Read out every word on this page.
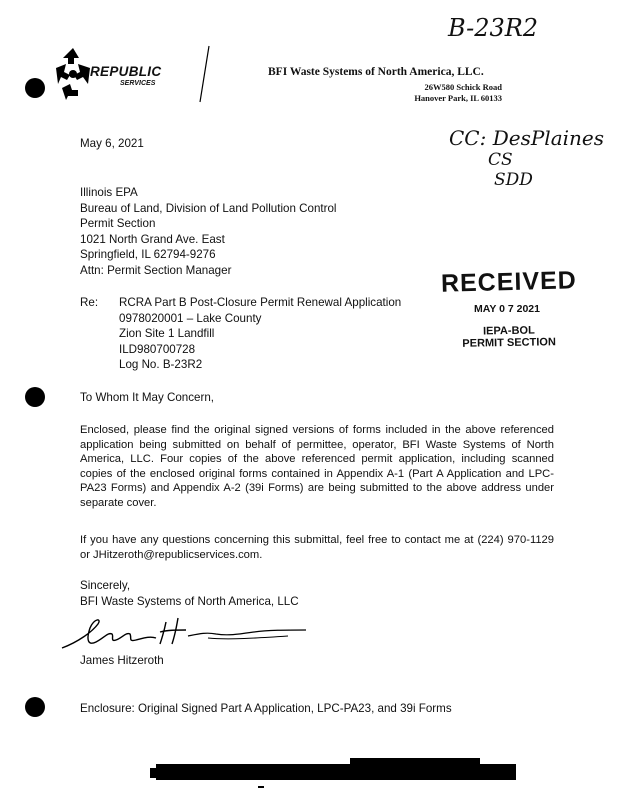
B-23R2
REPUBLIC
SERVICES
BFI Waste Systems of North America, LLC.
26W580 Schick Road
Hanover Park, IL 60133
CC: DesPlaines
CS
SDD
May 6, 2021
Illinois EPA
Bureau of Land, Division of Land Pollution Control
Permit Section
1021 North Grand Ave. East
Springfield, IL 62794-9276
Attn: Permit Section Manager	RECEIVED
MAY 0 7 2021
IEPA-BOL
PERMIT SECTION
Re: RCRA Part B Post-Closure Permit Renewal Application
0978020001 – Lake County
Zion Site 1 Landfill
ILD980700728
Log No. B-23R2
To Whom It May Concern,
Enclosed, please find the original signed versions of forms included in the above referenced application being submitted on behalf of permittee, operator, BFI Waste Systems of North America, LLC. Four copies of the above referenced permit application, including scanned copies of the enclosed original forms contained in Appendix A-1 (Part A Application and LPC-PA23 Forms) and Appendix A-2 (39i Forms) are being submitted to the above address under separate cover.
If you have any questions concerning this submittal, feel free to contact me at (224) 970-1129 or JHitzeroth@republicservices.com.
Sincerely,
BFI Waste Systems of North America, LLC
James Hitzeroth
Enclosure: Original Signed Part A Application, LPC-PA23, and 39i Forms
